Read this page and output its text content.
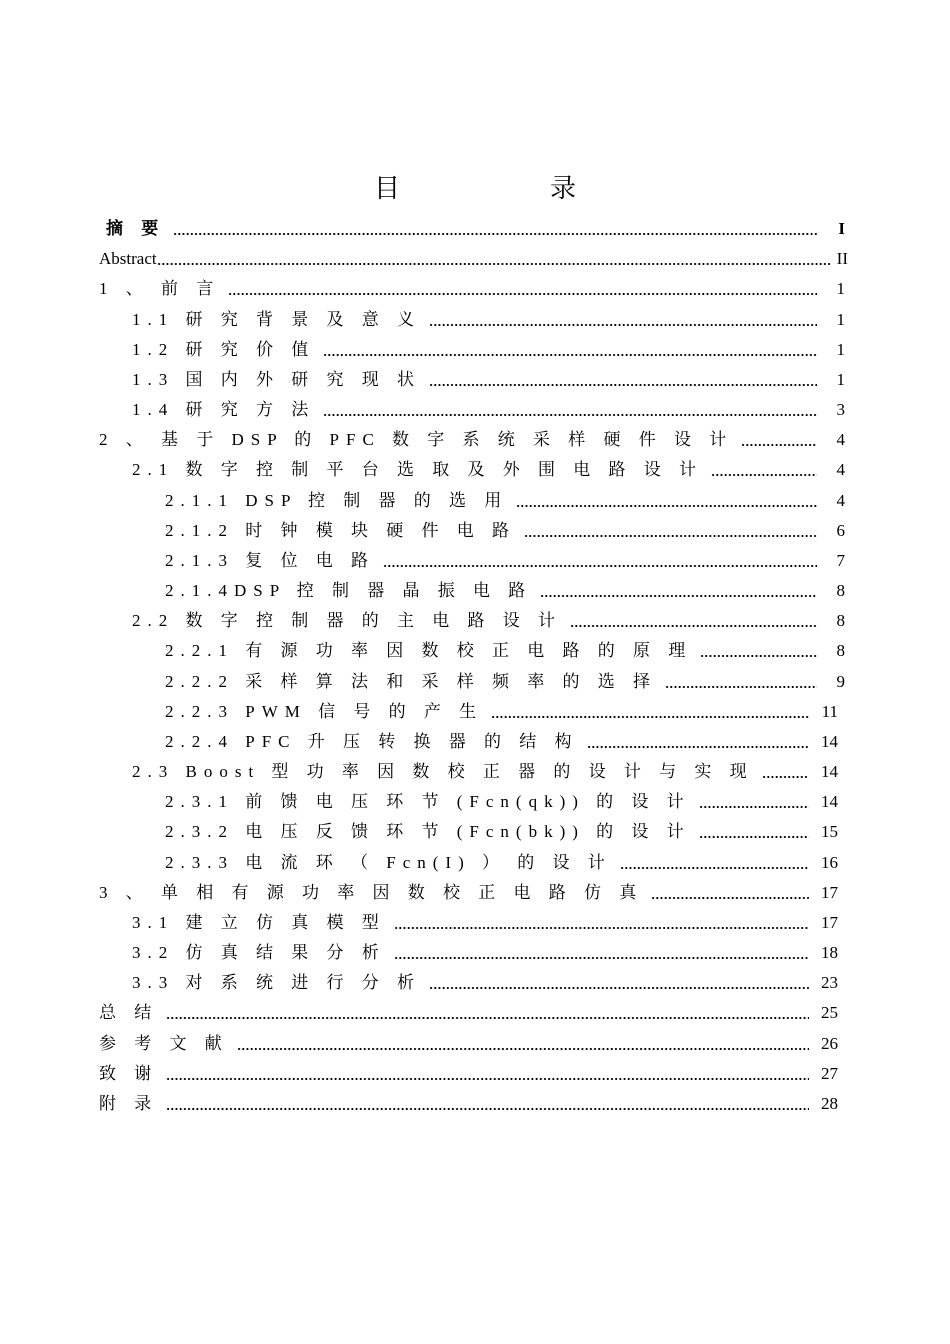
目　录
摘 要	I
Abstract	II
1 、 前 言	1
1.1 研 究 背 景 及 意 义	1
1.2 研 究 价 值	1
1.3 国 内 外 研 究 现 状	1
1.4 研 究 方 法	3
2 、 基 于 DSP 的 PFC 数 字 系 统 采 样 硬 件 设 计	4
2.1 数 字 控 制 平 台 选 取 及 外 围 电 路 设 计	4
2.1.1 DSP 控 制 器 的 选 用	4
2.1.2 时 钟 模 块 硬 件 电 路	6
2.1.3 复 位 电 路	7
2.1.4DSP 控 制 器 晶 振 电 路	8
2.2 数 字 控 制 器 的 主 电 路 设 计	8
2.2.1 有 源 功 率 因 数 校 正 电 路 的 原 理	8
2.2.2 采 样 算 法 和 采 样 频 率 的 选 择	9
2.2.3 PWM 信 号 的 产 生	11
2.2.4 PFC 升 压 转 换 器 的 结 构	14
2.3 Boost 型 功 率 因 数 校 正 器 的 设 计 与 实 现	14
2.3.1 前 馈 电 压 环 节 (Fcn(qk)) 的 设 计	14
2.3.2 电 压 反 馈 环 节 (Fcn(bk)) 的 设 计	15
2.3.3 电 流 环 （ Fcn(I) ） 的 设 计	16
3 、 单 相 有 源 功 率 因 数 校 正 电 路 仿 真	17
3.1 建 立 仿 真 模 型	17
3.2 仿 真 结 果 分 析	18
3.3 对 系 统 进 行 分 析	23
总 结	25
参 考 文 献	26
致 谢	27
附 录	28
